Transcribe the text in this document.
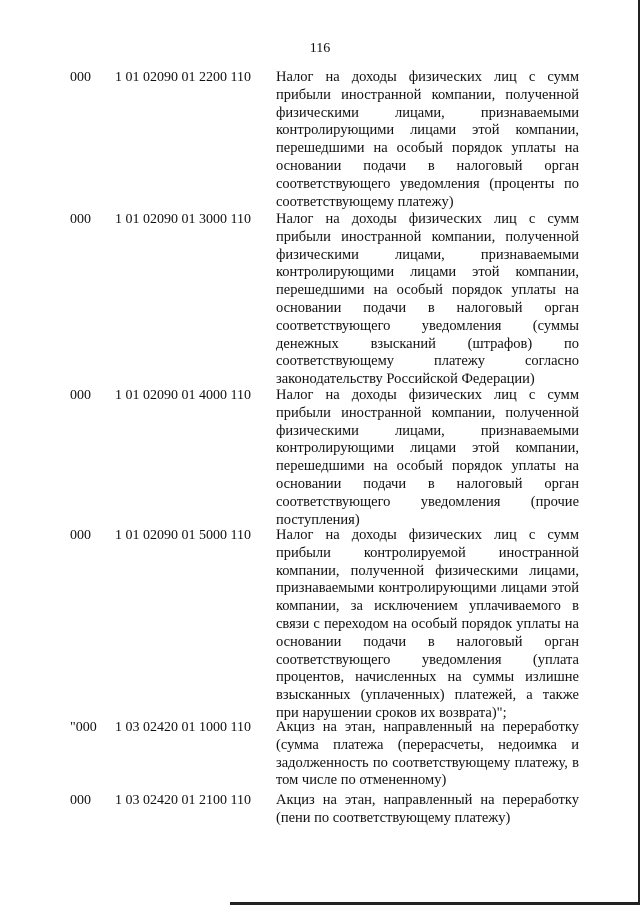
116
000	1 01 02090 01 2200 110	Налог на доходы физических лиц с сумм прибыли иностранной компании, полученной физическими лицами, признаваемыми контролирующими лицами этой компании, перешедшими на особый порядок уплаты на основании подачи в налоговый орган соответствующего уведомления (проценты по соответствующему платежу)
000	1 01 02090 01 3000 110	Налог на доходы физических лиц с сумм прибыли иностранной компании, полученной физическими лицами, признаваемыми контролирующими лицами этой компании, перешедшими на особый порядок уплаты на основании подачи в налоговый орган соответствующего уведомления (суммы денежных взысканий (штрафов) по соответствующему платежу согласно законодательству Российской Федерации)
000	1 01 02090 01 4000 110	Налог на доходы физических лиц с сумм прибыли иностранной компании, полученной физическими лицами, признаваемыми контролирующими лицами этой компании, перешедшими на особый порядок уплаты на основании подачи в налоговый орган соответствующего уведомления (прочие поступления)
000	1 01 02090 01 5000 110	Налог на доходы физических лиц с сумм прибыли контролируемой иностранной компании, полученной физическими лицами, признаваемыми контролирующими лицами этой компании, за исключением уплачиваемого в связи с переходом на особый порядок уплаты на основании подачи в налоговый орган соответствующего уведомления (уплата процентов, начисленных на суммы излишне взысканных (уплаченных) платежей, а также при нарушении сроков их возврата)";
"000	1 03 02420 01 1000 110	Акциз на этан, направленный на переработку (сумма платежа (перерасчеты, недоимка и задолженность по соответствующему платежу, в том числе по отмененному)
000	1 03 02420 01 2100 110	Акциз на этан, направленный на переработку (пени по соответствующему платежу)
